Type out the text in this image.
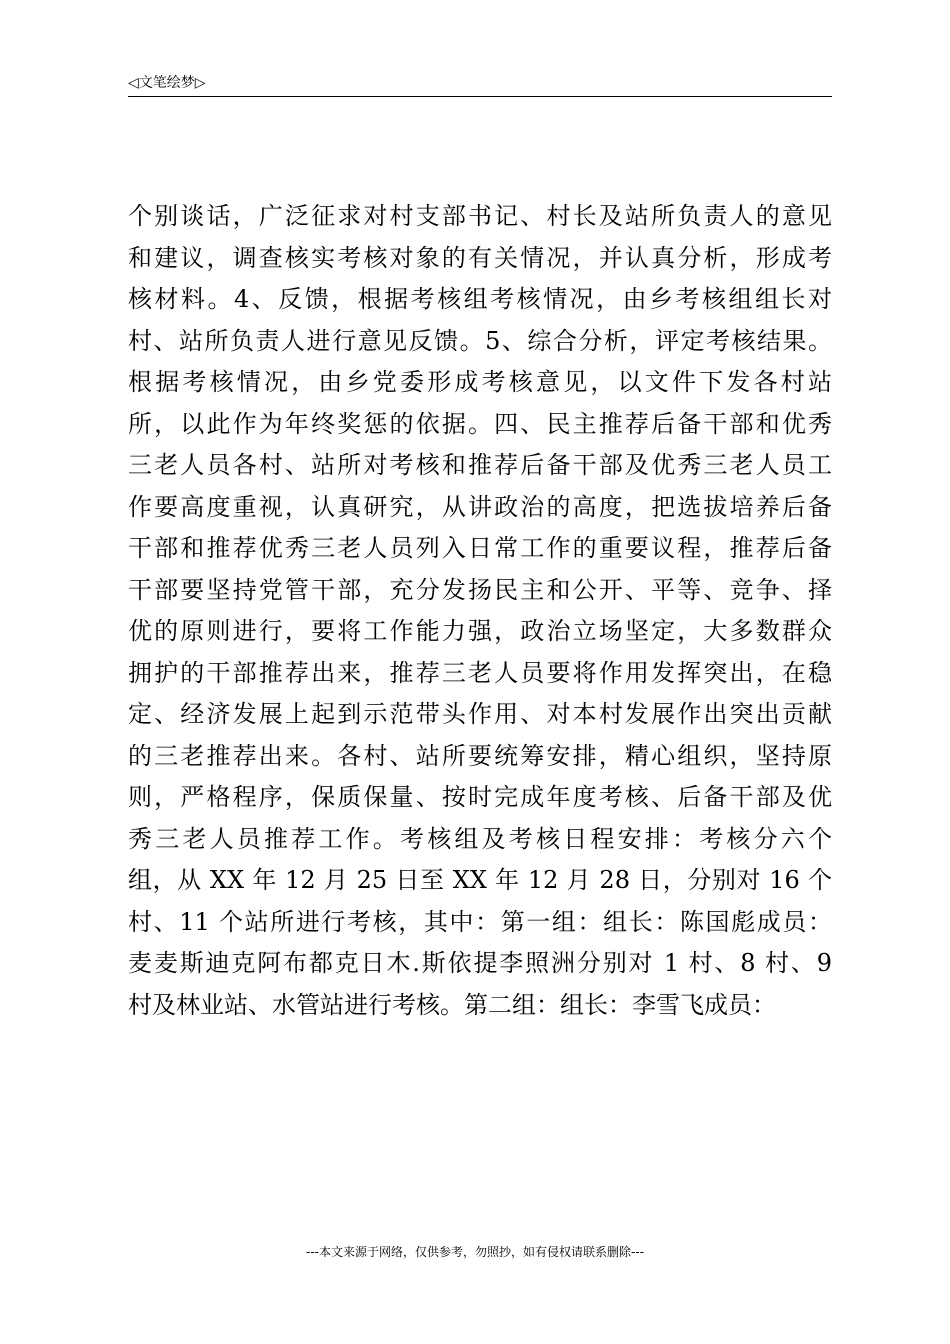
◁文笔绘梦▷
个别谈话，广泛征求对村支部书记、村长及站所负责人的意见
和建议，调查核实考核对象的有关情况，并认真分析，形成考
核材料。4、反馈，根据考核组考核情况，由乡考核组组长对
村、站所负责人进行意见反馈。5、综合分析，评定考核结果。
根据考核情况，由乡党委形成考核意见，以文件下发各村站
所，以此作为年终奖惩的依据。四、民主推荐后备干部和优秀
三老人员各村、站所对考核和推荐后备干部及优秀三老人员工
作要高度重视，认真研究，从讲政治的高度，把选拔培养后备
干部和推荐优秀三老人员列入日常工作的重要议程，推荐后备
干部要坚持党管干部，充分发扬民主和公开、平等、竞争、择
优的原则进行，要将工作能力强，政治立场坚定，大多数群众
拥护的干部推荐出来，推荐三老人员要将作用发挥突出，在稳
定、经济发展上起到示范带头作用、对本村发展作出突出贡献
的三老推荐出来。各村、站所要统筹安排，精心组织，坚持原
则，严格程序，保质保量、按时完成年度考核、后备干部及优
秀三老人员推荐工作。考核组及考核日程安排：考核分六个
组，从 XX 年 12 月 25 日至 XX 年 12 月 28 日，分别对 16 个
村、11 个站所进行考核，其中：第一组：组长：陈国彪成员：
麦麦斯迪克阿布都克日木.斯依提李照洲分别对 1 村、8 村、9
村及林业站、水管站进行考核。第二组：组长：李雪飞成员：
---本文来源于网络，仅供参考，勿照抄，如有侵权请联系删除---
